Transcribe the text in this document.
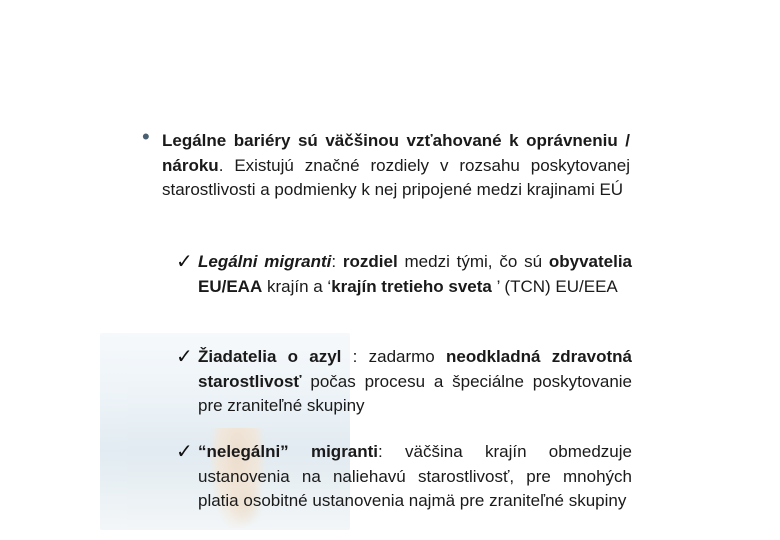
• Legálne bariéry sú väčšinou vzťahované k oprávneniu / nároku. Existujú značné rozdiely v rozsahu poskytovanej starostlivosti a podmienky k nej pripojené medzi krajinami EÚ
✓ Legálni migranti: rozdiel medzi tými, čo sú obyvatelia EU/EAA krajín a ‘krajín tretieho sveta ’ (TCN) EU/EEA
✓ Žiadatelia o azyl : zadarmo neodkladná zdravotná starostlivosť počas procesu a špeciálne poskytovanie pre zraniteľné skupiny
✓ “nelegálni” migranti: väčšina krajín obmedzuje ustanovenia na naliehavú starostlivosť, pre mnohých platia osobitné ustanovenia najmä pre zraniteľné skupiny
